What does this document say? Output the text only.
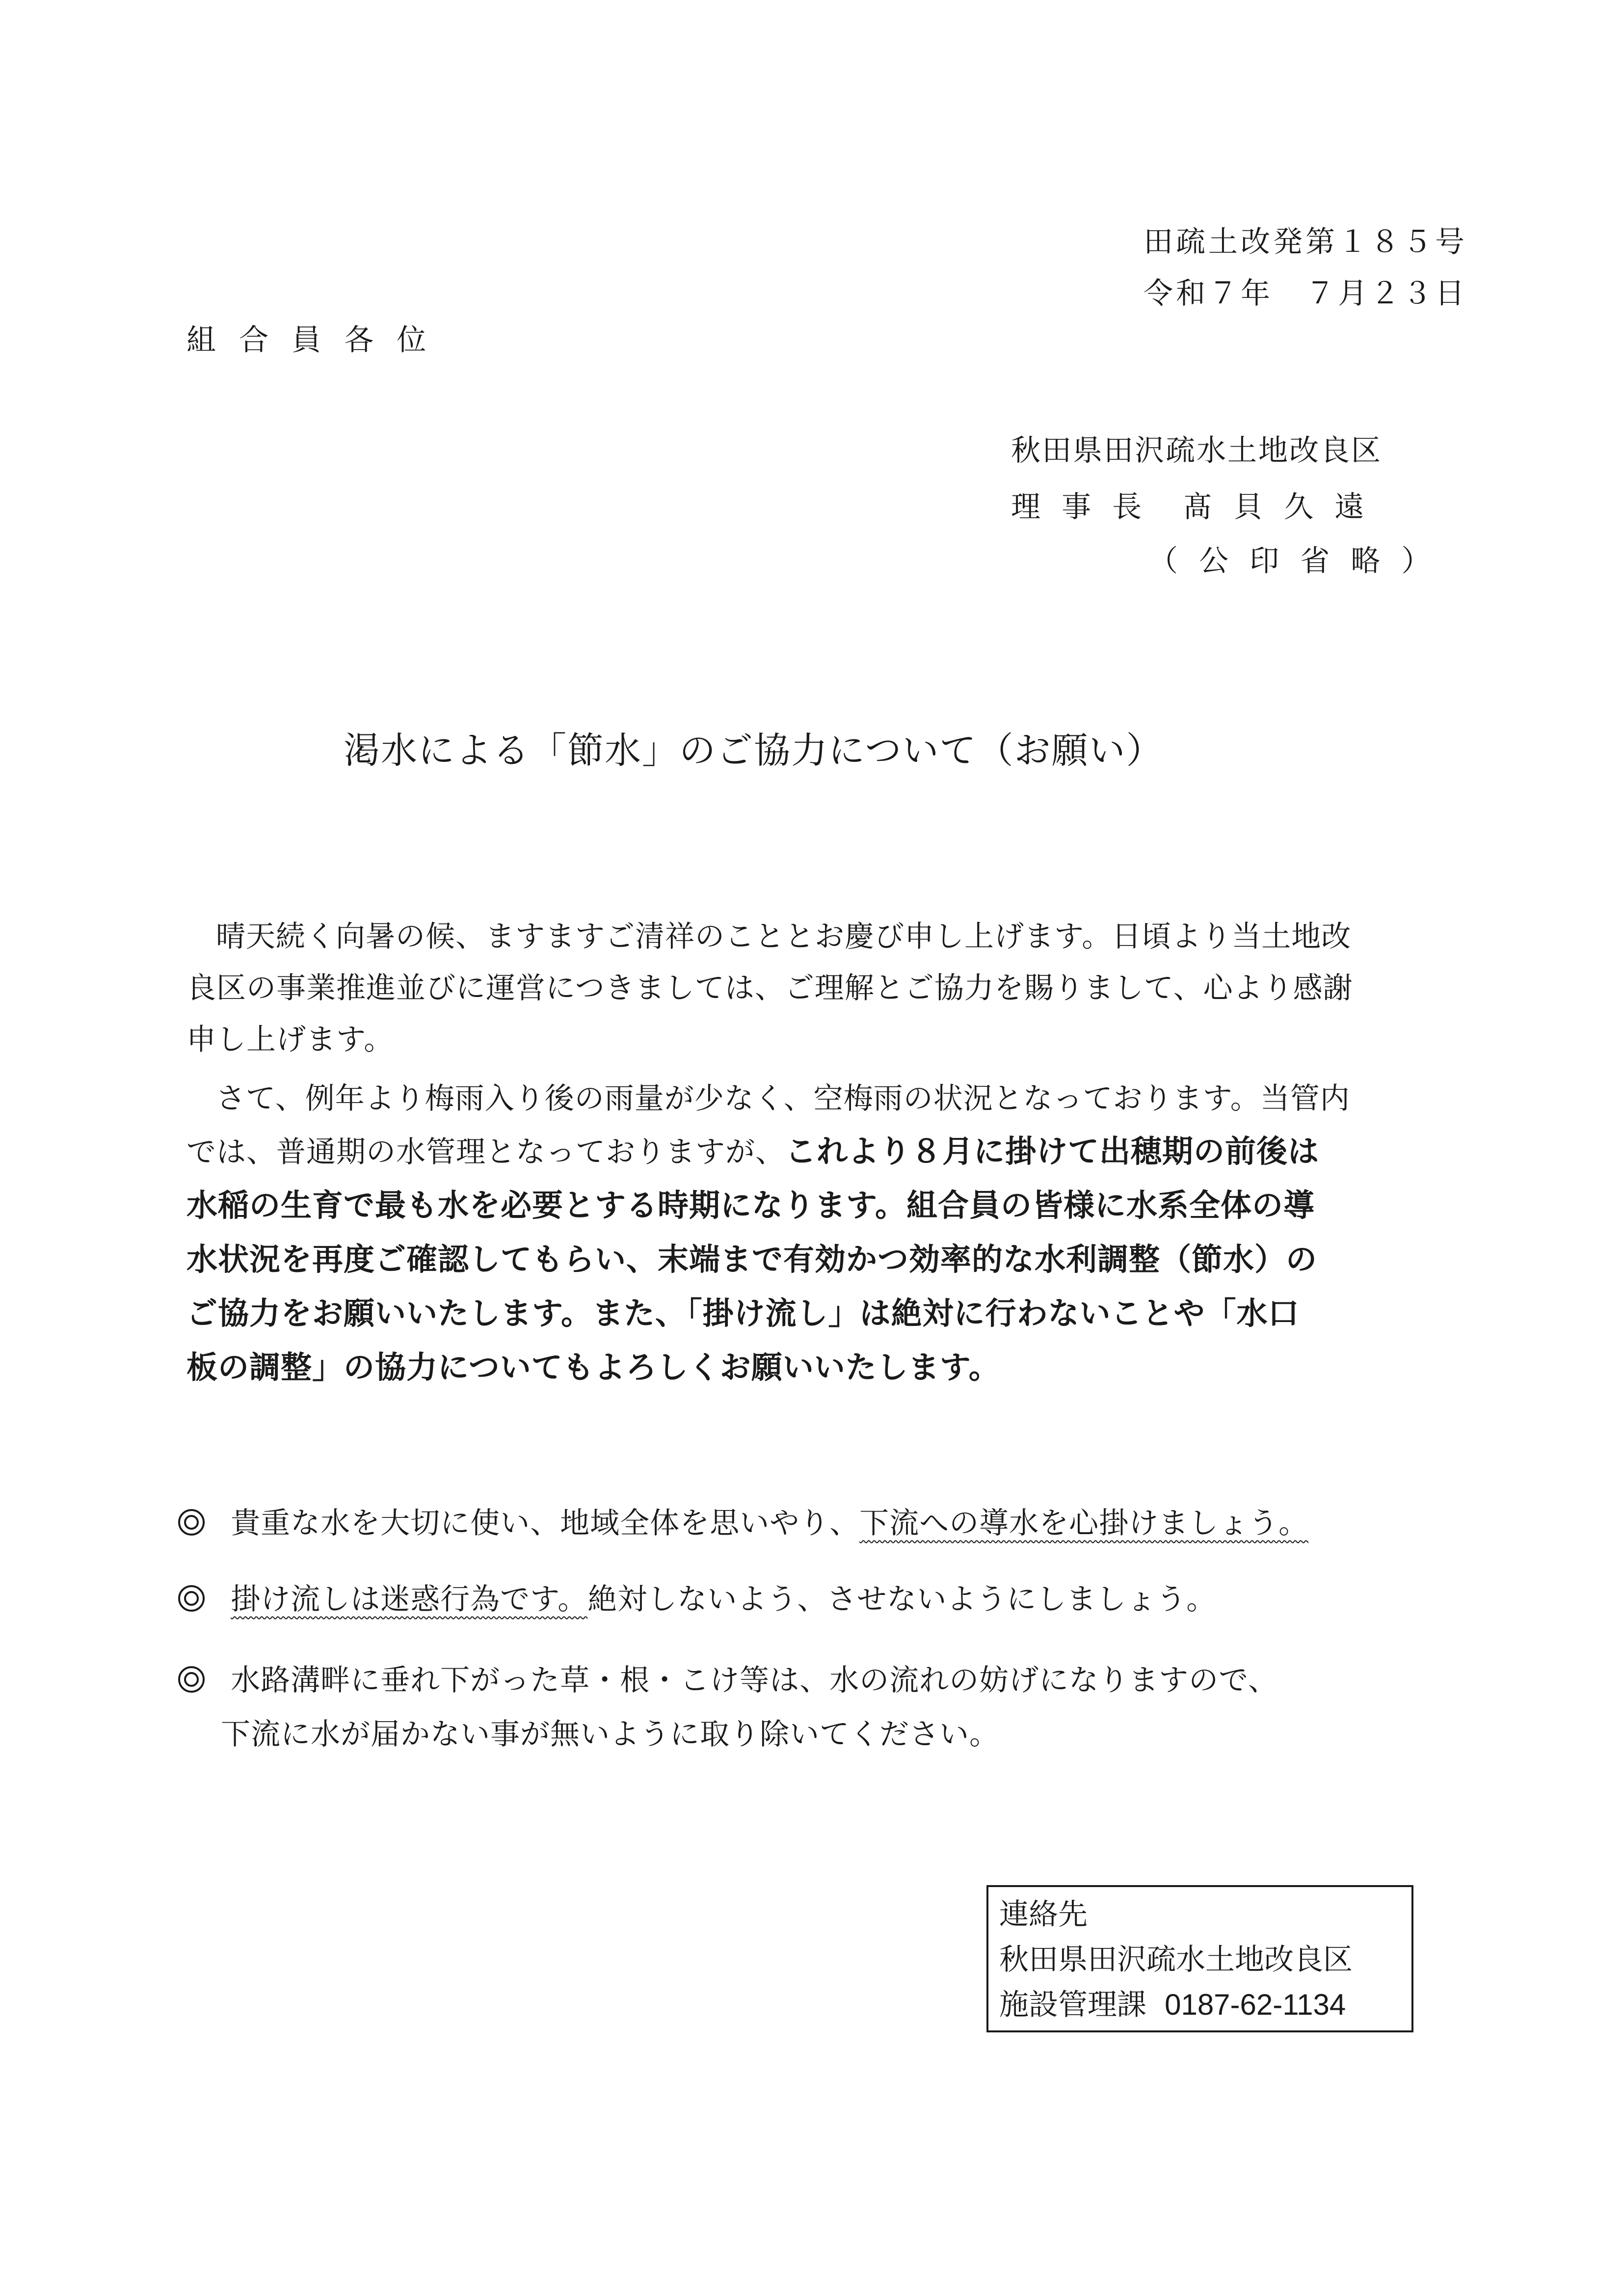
田疏土改発第１８５号
令和７年　７月２３日
組 合 員 各 位
秋田県田沢疏水土地改良区
理 事 長　髙 貝 久 遠
（ 公 印 省 略 ）
渇水による「節水」のご協力について（お願い）
晴天続く向暑の候、ますますご清祥のこととお慶び申し上げます。日頃より当土地改
良区の事業推進並びに運営につきましては、ご理解とご協力を賜りまして、心より感謝
申し上げます。
さて、例年より梅雨入り後の雨量が少なく、空梅雨の状況となっております。当管内
では、普通期の水管理となっておりますが、これより８月に掛けて出穂期の前後は
水稲の生育で最も水を必要とする時期になります。組合員の皆様に水系全体の導
水状況を再度ご確認してもらい、末端まで有効かつ効率的な水利調整（節水）の
ご協力をお願いいたします。また、「掛け流し」は絶対に行わないことや「水口
板の調整」の協力についてもよろしくお願いいたします。
貴重な水を大切に使い、地域全体を思いやり、下流への導水を心掛けましょう。
掛け流しは迷惑行為です。絶対しないよう、させないようにしましょう。
水路溝畔に垂れ下がった草・根・こけ等は、水の流れの妨げになりますので、
下流に水が届かない事が無いように取り除いてください。
連絡先
秋田県田沢疏水土地改良区
施設管理課 0187-62-1134
